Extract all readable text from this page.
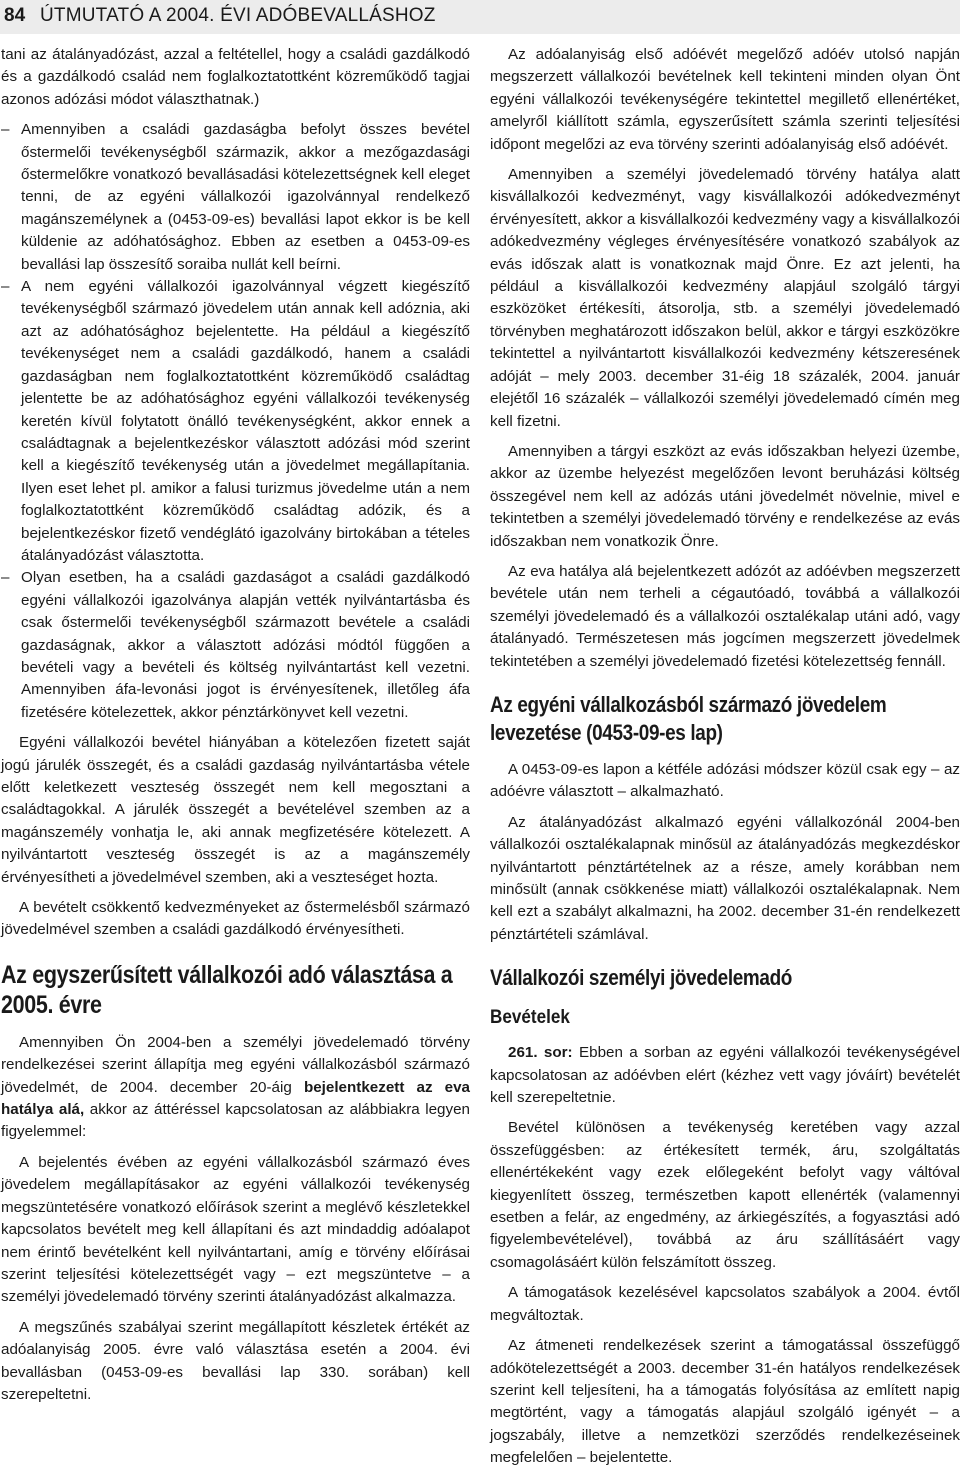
84 ÚTMUTATÓ A 2004. ÉVI ADÓBEVALLÁSHOZ

tani az átalányadózást, azzal a feltétellel, hogy a családi gazdálkodó és a gazdálkodó család nem foglalkoztatottként közreműködő tagjai azonos adózási módot választhatnak.)

– Amennyiben a családi gazdaságba befolyt összes bevétel őstermelői tevékenységből származik, akkor a mezőgazdasági őstermelőkre vonatkozó bevallásadási kötelezettségnek kell eleget tenni, de az egyéni vállalkozói igazolvánnyal rendelkező magánszemélynek a (0453-09-es) bevallási lapot ekkor is be kell küldenie az adóhatósághoz. Ebben az esetben a 0453-09-es bevallási lap összesítő soraiba nullát kell beírni.

– A nem egyéni vállalkozói igazolvánnyal végzett kiegészítő tevékenységből származó jövedelem után annak kell adóznia, aki azt az adóhatósághoz bejelentette. Ha például a kiegészítő tevékenységet nem a családi gazdálkodó, hanem a családi gazdaságban nem foglalkoztatottként közreműködő családtag jelentette be az adóhatósághoz egyéni vállalkozói tevékenység keretén kívül folytatott önálló tevékenységként, akkor ennek a családtagnak a bejelentkezéskor választott adózási mód szerint kell a kiegészítő tevékenység után a jövedelmet megállapítania. Ilyen eset lehet pl. amikor a falusi turizmus jövedelme után a nem foglalkoztatottként közreműködő családtag adózik, és a bejelentkezéskor fizető vendéglátó igazolvány birtokában a tételes átalányadózást választotta.

– Olyan esetben, ha a családi gazdaságot a családi gazdálkodó egyéni vállalkozói igazolványa alapján vették nyilvántartásba és csak őstermelői tevékenységből származott bevétele a családi gazdaságnak, akkor a választott adózási módtól függően a bevételi vagy a bevételi és költség nyilvántartást kell vezetni. Amennyiben áfa-levonási jogot is érvényesítenek, illetőleg áfa fizetésére kötelezettek, akkor pénztárkönyvet kell vezetni.

Egyéni vállalkozói bevétel hiányában a kötelezően fizetett saját jogú járulék összegét, és a családi gazdaság nyilvántartásba vétele előtt keletkezett veszteség összegét nem kell megosztani a családtagokkal. A járulék összegét a bevételével szemben az a magánszemély vonhatja le, aki annak megfizetésére kötelezett. A nyilvántartott veszteség összegét is az a magánszemély érvényesítheti a jövedelmével szemben, aki a veszteséget hozta.

A bevételt csökkentő kedvezményeket az őstermelésből származó jövedelmével szemben a családi gazdálkodó érvényesítheti.

Az egyszerűsített vállalkozói adó választása a 2005. évre

Amennyiben Ön 2004-ben a személyi jövedelemadó törvény rendelkezései szerint állapítja meg egyéni vállalkozásból származó jövedelmét, de 2004. december 20-áig bejelentkezett az eva hatálya alá, akkor az áttéréssel kapcsolatosan az alábbiakra legyen figyelemmel:

A bejelentés évében az egyéni vállalkozásból származó éves jövedelem megállapításakor az egyéni vállalkozói tevékenység megszüntetésére vonatkozó előírások szerint a meglévő készletekkel kapcsolatos bevételt meg kell állapítani és azt mindaddig adóalapot nem érintő bevételként kell nyilvántartani, amíg e törvény előírásai szerint teljesítési kötelezettségét vagy – ezt megszüntetve – a személyi jövedelemadó törvény szerinti átalányadózást alkalmazza.

A megszűnés szabályai szerint megállapított készletek értékét az adóalanyiság 2005. évre való választása esetén a 2004. évi bevallásban (0453-09-es bevallási lap 330. sorában) kell szerepeltetni.

Az adóalanyiság első adóévét megelőző adóév utolsó napján megszerzett vállalkozói bevételnek kell tekinteni minden olyan Önt egyéni vállalkozói tevékenységére tekintettel megillető ellenértéket, amelyről kiállított számla, egyszerűsített számla szerinti teljesítési időpont megelőzi az eva törvény szerinti adóalanyiság első adóévét.

Amennyiben a személyi jövedelemadó törvény hatálya alatt kisvállalkozói kedvezményt, vagy kisvállalkozói adókedvezményt érvényesített, akkor a kisvállalkozói kedvezmény vagy a kisvállalkozói adókedvezmény végleges érvényesítésére vonatkozó szabályok az evás időszak alatt is vonatkoznak majd Önre. Ez azt jelenti, ha például a kisvállalkozói kedvezmény alapjául szolgáló tárgyi eszközöket értékesíti, átsorolja, stb. a személyi jövedelemadó törvényben meghatározott időszakon belül, akkor e tárgyi eszközökre tekintettel a nyilvántartott kisvállalkozói kedvezmény kétszeresének adóját – mely 2003. december 31-éig 18 százalék, 2004. január elejétől 16 százalék – vállalkozói személyi jövedelemadó címén meg kell fizetni.

Amennyiben a tárgyi eszközt az evás időszakban helyezi üzembe, akkor az üzembe helyezést megelőzően levont beruházási költség összegével nem kell az adózás utáni jövedelmét növelnie, mivel e tekintetben a személyi jövedelemadó törvény e rendelkezése az evás időszakban nem vonatkozik Önre.

Az eva hatálya alá bejelentkezett adózót az adóévben megszerzett bevétele után nem terheli a cégautóadó, továbbá a vállalkozói személyi jövedelemadó és a vállalkozói osztalékalap utáni adó, vagy átalányadó. Természetesen más jogcímen megszerzett jövedelmek tekintetében a személyi jövedelemadó fizetési kötelezettség fennáll.

Az egyéni vállalkozásból származó jövedelem levezetése (0453-09-es lap)

A 0453-09-es lapon a kétféle adózási módszer közül csak egy – az adóévre választott – alkalmazható.

Az átalányadózást alkalmazó egyéni vállalkozónál 2004-ben vállalkozói osztalékalapnak minősül az átalányadózás megkezdéskor nyilvántartott pénztártételnek az a része, amely korábban nem minősült (annak csökkenése miatt) vállalkozói osztalékalapnak. Nem kell ezt a szabályt alkalmazni, ha 2002. december 31-én rendelkezett pénztártételi számlával.

Vállalkozói személyi jövedelemadó
Bevételek

261. sor: Ebben a sorban az egyéni vállalkozói tevékenységével kapcsolatosan az adóévben elért (kézhez vett vagy jóváírt) bevételét kell szerepeltetnie.

Bevétel különösen a tevékenység keretében vagy azzal összefüggésben: az értékesített termék, áru, szolgáltatás ellenértékeként vagy ezek előlegeként befolyt vagy váltóval kiegyenlített összeg, természetben kapott ellenérték (valamennyi esetben a felár, az engedmény, az árkiegészítés, a fogyasztási adó figyelembevételével), továbbá az áru szállításáért vagy csomagolásáért külön felszámított összeg.

A támogatások kezelésével kapcsolatos szabályok a 2004. évtől megváltoztak.

Az átmeneti rendelkezések szerint a támogatással összefüggő adókötelezettségét a 2003. december 31-én hatályos rendelkezések szerint kell teljesíteni, ha a támogatás folyósítása az említett napig megtörtént, vagy a támogatás alapjául szolgáló igényét – a jogszabály, illetve a nemzetközi szerződés rendelkezéseinek megfelelően – bejelentette.
